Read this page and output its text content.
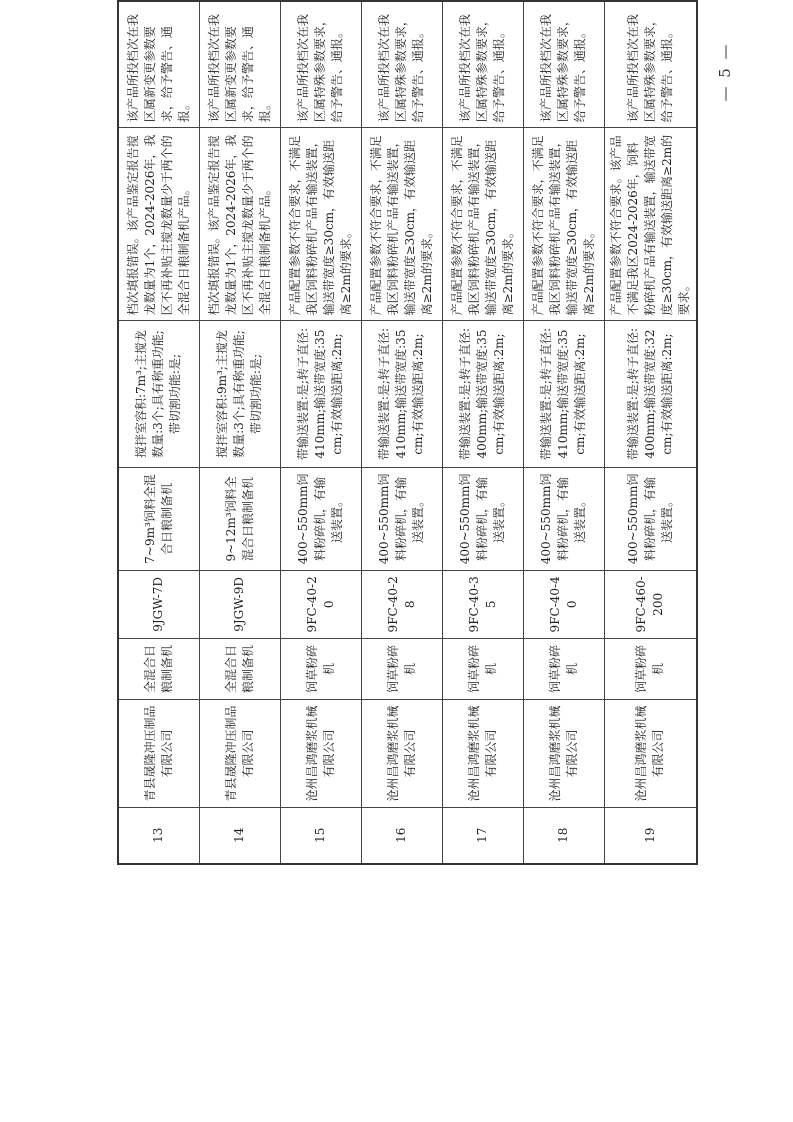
13	青县晟隆冲压制品有限公司	全混合日粮制备机	9JGW-7D	7~9m³饲料全混合日粮制备机	搅拌室容积:7m³;主搅龙数量:3个;具有称重功能;带切割功能:是;	档次填报错误。该产品鉴定报告搅龙数量为1个，2024-2026年，我区不再补贴主搅龙数量少于两个的全混合日粮制备机产品。	该产品所投档次在我区属新变更参数要求，给予警告、通报。
14	青县晟隆冲压制品有限公司	全混合日粮制备机	9JGW-9D	9~12m³饲料全混合日粮制备机	搅拌室容积:9m³;主搅龙数量:3个;具有称重功能;带切割功能:是;	档次填报错误。该产品鉴定报告搅龙数量为1个，2024-2026年，我区不再补贴主搅龙数量少于两个的全混合日粮制备机产品。	该产品所投档次在我区属新变更参数要求，给予警告、通报。
15	沧州昌鸿磨浆机械有限公司	饲草粉碎机	9FC-40-20	400~550mm饲料粉碎机，有输送装置。	带输送装置:是;转子直径:410mm;输送带宽度:35cm;有效输送距离:2m;	产品配置参数不符合要求，不满足我区饲料粉碎机产品有输送装置，输送带宽度≥30cm，有效输送距离≥2m的要求。	该产品所投档次在我区属特殊参数要求，给予警告、通报。
16	沧州昌鸿磨浆机械有限公司	饲草粉碎机	9FC-40-28	400~550mm饲料粉碎机，有输送装置。	带输送装置:是;转子直径:410mm;输送带宽度:35cm;有效输送距离:2m;	产品配置参数不符合要求，不满足我区饲料粉碎机产品有输送装置，输送带宽度≥30cm，有效输送距离≥2m的要求。	该产品所投档次在我区属特殊参数要求，给予警告、通报。
17	沧州昌鸿磨浆机械有限公司	饲草粉碎机	9FC-40-35	400~550mm饲料粉碎机，有输送装置。	带输送装置:是;转子直径:400mm;输送带宽度:35cm;有效输送距离:2m;	产品配置参数不符合要求，不满足我区饲料粉碎机产品有输送装置，输送带宽度≥30cm，有效输送距离≥2m的要求。	该产品所投档次在我区属特殊参数要求，给予警告、通报。
18	沧州昌鸿磨浆机械有限公司	饲草粉碎机	9FC-40-40	400~550mm饲料粉碎机，有输送装置。	带输送装置:是;转子直径:410mm;输送带宽度:35cm;有效输送距离:2m;	产品配置参数不符合要求，不满足我区饲料粉碎机产品有输送装置，输送带宽度≥30cm，有效输送距离≥2m的要求。	该产品所投档次在我区属特殊参数要求，给予警告、通报。
19	沧州昌鸿磨浆机械有限公司	饲草粉碎机	9FC-460-200	400~550mm饲料粉碎机，有输送装置。	带输送装置:是;转子直径:400mm;输送带宽度:32cm;有效输送距离:2m;	产品配置参数不符合要求。该产品不满足我区2024-2026年，饲料粉碎机产品有输送装置，输送带宽度≥30cm，有效输送距离≥2m的要求。	该产品所投档次在我区属特殊参数要求，给予警告、通报。	— 5 —
